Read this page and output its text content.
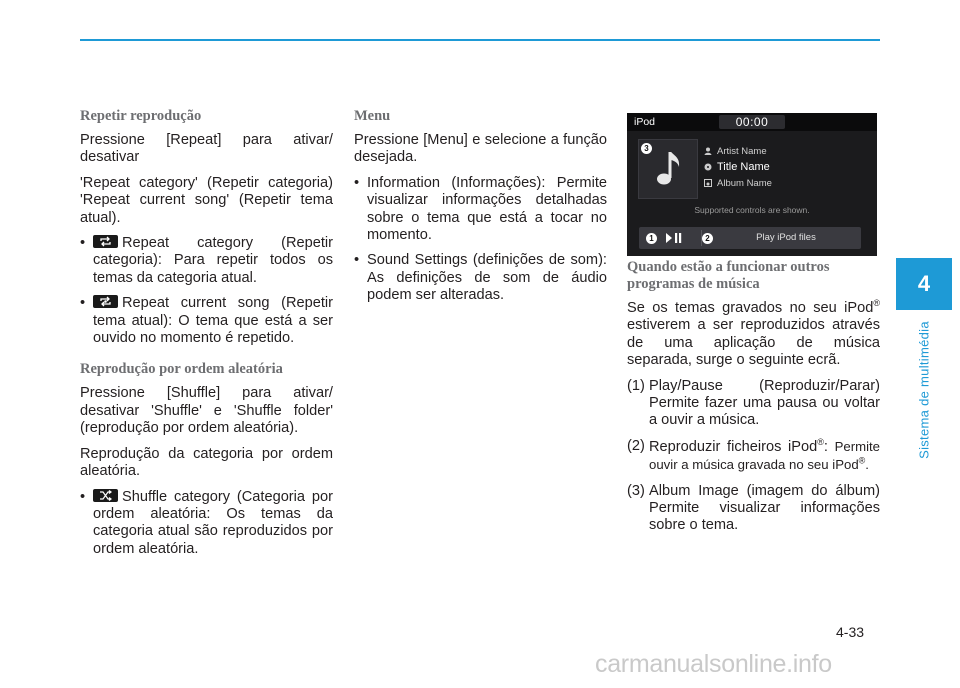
Repetir reprodução

Pressione [Repeat] para ativar/ desativar

'Repeat category' (Repetir categoria) 'Repeat current song' (Repetir tema atual).

•	Repeat category (Repetir categoria): Para repetir todos os temas da categoria atual.
•	Repeat current song (Repetir tema atual): O tema que está a ser ouvido no momento é repetido.
Reprodução por ordem aleatória

Pressione [Shuffle] para ativar/ desativar 'Shuffle' e 'Shuffle folder' (reprodução por ordem aleatória).

Reprodução da categoria por ordem aleatória.

•	Shuffle category (Categoria por ordem aleatória: Os temas da categoria atual são reproduzidos por ordem aleatória.
Menu

Pressione [Menu] e selecione a função desejada.

• Information (Informações): Permite visualizar informações detalhadas sobre o tema que está a tocar no momento.
• Sound Settings (definições de som): As definições de som de áudio podem ser alteradas.
iPod	00:00
3	Artist Name
Title Name
Album Name
Supported controls are shown.
1	2	Play iPod files
Quando estão a funcionar outros programas de música

Se os temas gravados no seu iPod® estiverem a ser reproduzidos através de uma aplicação de música separada, surge o seguinte ecrã.

(1) Play/Pause (Reproduzir/Parar) Permite fazer uma pausa ou voltar a ouvir a música.
(2) Reproduzir ficheiros iPod®: Permite ouvir a música gravada no seu iPod®.
(3) Album Image (imagem do álbum) Permite visualizar informações sobre o tema.
4
Sistema de multimédia
4-33
carmanualsonline.info
